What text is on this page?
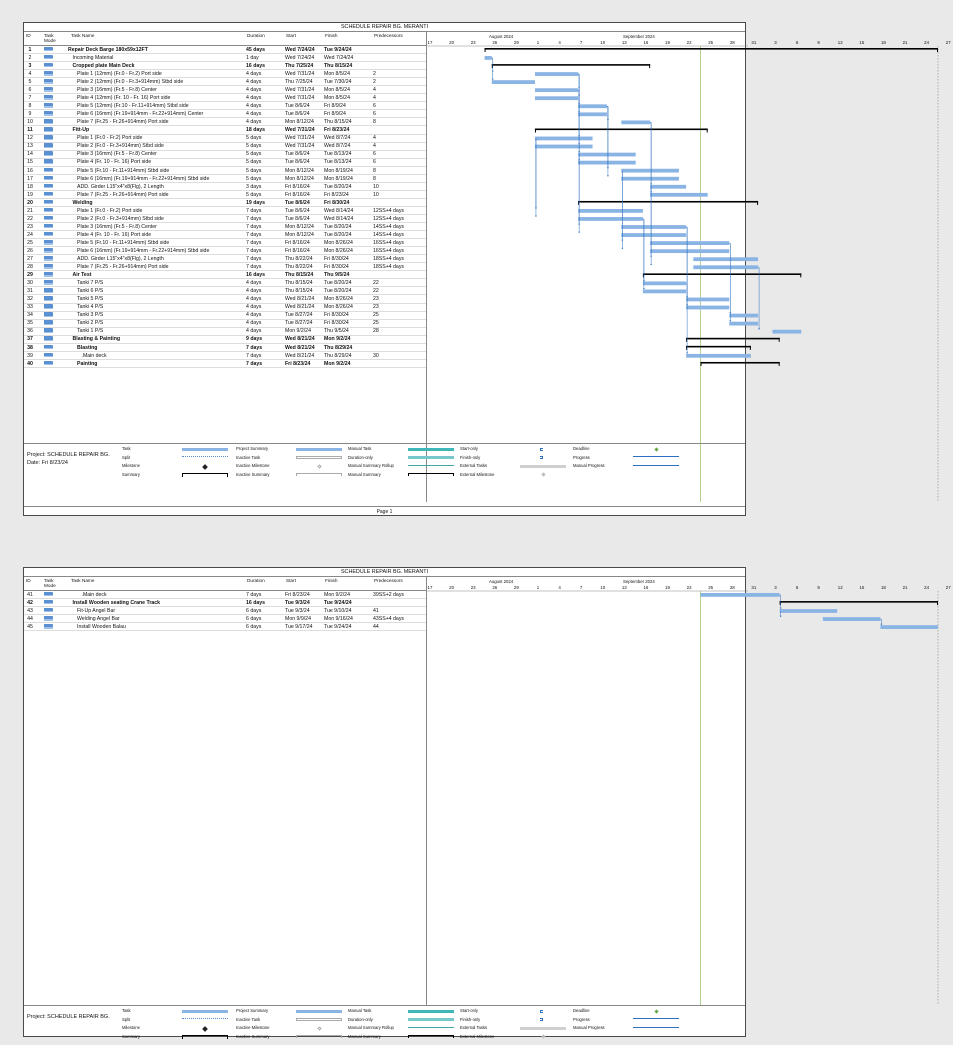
SCHEDULE REPAIR BG. MERANTI
ID	Task Mode
Task Name	Duration	Start	Finish	Predecessors
1	Repair Deck Barge 180x59x12FT	45 days	Wed 7/24/24	Tue 9/24/24
2	Incoming Material	1 day	Wed 7/24/24	Wed 7/24/24
3	Cropped plate Main Deck	16 days	Thu 7/25/24	Thu 8/15/24
4	Plate 1 (12mm) (Fr.0 - Fr.2) Port side	4 days	Wed 7/31/24	Mon 8/5/24	2
5	Plate 2 (12mm) (Fr.0 - Fr.3+914mm) Stbd side	4 days	Thu 7/25/24	Tue 7/30/24	2
6	Plate 3 (16mm) (Fr.5 - Fr.8) Center	4 days	Wed 7/31/24	Mon 8/5/24	4
7	Plate 4 (12mm) (Fr. 10 - Fr. 16) Port side	4 days	Wed 7/31/24	Mon 8/5/24	4
8	Plate 5 (12mm) (Fr.10 - Fr.11+914mm) Stbd side	4 days	Tue 8/6/24	Fri 8/9/24	6
9	Plate 6 (16mm) (Fr.19+914mm - Fr.22+914mm) Center	4 days	Tue 8/6/24	Fri 8/9/24	6
10	Plate 7 (Fr.25 - Fr.26+914mm) Port side	4 days	Mon 8/12/24	Thu 8/15/24	8
11	Fitt-Up	18 days	Wed 7/31/24	Fri 8/23/24
12	Plate 1 (Fr.0 - Fr.2) Port side	5 days	Wed 7/31/24	Wed 8/7/24	4
13	Plate 2 (Fr.0 - Fr.3+914mm) Stbd side	5 days	Wed 7/31/24	Wed 8/7/24	4
14	Plate 3 (16mm) (Fr.5 - Fr.8) Center	5 days	Tue 8/6/24	Tue 8/13/24	6
15	Plate 4 (Fr. 10 - Fr. 16) Port side	5 days	Tue 8/6/24	Tue 8/13/24	6
16	Plate 5 (Fr.10 - Fr.11+914mm) Stbd side	5 days	Mon 8/12/24	Mon 8/19/24	8
17	Plate 6 (16mm) (Fr.19+914mm - Fr.22+914mm) Stbd side	5 days	Mon 8/12/24	Mon 8/19/24	8
18	ADD. Girder L15"x4"x8(Flg), 2 Length	3 days	Fri 8/16/24	Tue 8/20/24	10
19	Plate 7 (Fr.25 - Fr.26+914mm) Port side	5 days	Fri 8/16/24	Fri 8/23/24	10
20	Welding	19 days	Tue 8/6/24	Fri 8/30/24
21	Plate 1 (Fr.0 - Fr.2) Port side	7 days	Tue 8/6/24	Wed 8/14/24	12SS+4 days
22	Plate 2 (Fr.0 - Fr.3+914mm) Stbd side	7 days	Tue 8/6/24	Wed 8/14/24	12SS+4 days
23	Plate 3 (16mm) (Fr.5 - Fr.8) Center	7 days	Mon 8/12/24	Tue 8/20/24	14SS+4 days
24	Plate 4 (Fr. 10 - Fr. 16) Port side	7 days	Mon 8/12/24	Tue 8/20/24	14SS+4 days
25	Plate 5 (Fr.10 - Fr.11+914mm) Stbd side	7 days	Fri 8/16/24	Mon 8/26/24	16SS+4 days
26	Plate 6 (16mm) (Fr.19+914mm - Fr.22+914mm) Stbd side	7 days	Fri 8/16/24	Mon 8/26/24	16SS+4 days
27	ADD. Girder L15"x4"x8(Flg), 2 Length	7 days	Thu 8/22/24	Fri 8/30/24	18SS+4 days
28	Plate 7 (Fr.25 - Fr.26+914mm) Port side	7 days	Thu 8/22/24	Fri 8/30/24	18SS+4 days
29	Air Test	16 days	Thu 8/15/24	Thu 9/5/24
30	Tanki 7 P/S	4 days	Thu 8/15/24	Tue 8/20/24	22
31	Tanki 6 P/S	4 days	Thu 8/15/24	Tue 8/20/24	22
32	Tanki 5 P/S	4 days	Wed 8/21/24	Mon 8/26/24	23
33	Tanki 4 P/S	4 days	Wed 8/21/24	Mon 8/26/24	23
34	Tanki 3 P/S	4 days	Tue 8/27/24	Fri 8/30/24	25
35	Tanki 2 P/S	4 days	Tue 8/27/24	Fri 8/30/24	25
36	Tanki 1 P/S	4 days	Mon 9/2/24	Thu 9/5/24	28
37	Blasting & Painting	9 days	Wed 8/21/24	Mon 9/2/24
38	Blasting	7 days	Wed 8/21/24	Thu 8/29/24
39	.Main deck	7 days	Wed 8/21/24	Thu 8/29/24	30
40	Painting	7 days	Fri 8/23/24	Mon 9/2/24
August 2024	September 2024
17	20	23	26	29	1	4	7	10	13	16	19	22	25	28	31	3	6	9	12	15	18	21	24	27
Project: SCHEDULE REPAIR BG.
Date: Fri 8/23/24
Task
Split
Milestone
Summary
Project Summary
Inactive Task
Inactive Milestone
Inactive Summary
Manual Task
Duration-only
Manual Summary Rollup
Manual Summary
Start-only
Finish-only
External Tasks
External Milestone
Deadline
Progress
Manual Progress
Page 1
SCHEDULE REPAIR BG. MERANTI
ID	Task Mode
Task Name	Duration	Start	Finish	Predecessors
41	.Main deck	7 days	Fri 8/23/24	Mon 9/2/24	39SS+2 days
42	Install Wooden seating Crane Track	16 days	Tue 9/3/24	Tue 9/24/24
43	Fit-Up Angel Bar	6 days	Tue 9/3/24	Tue 9/10/24	41
44	Welding Angel Bar	6 days	Mon 9/9/24	Mon 9/16/24	43SS+4 days
45	Install Wooden Balau	6 days	Tue 9/17/24	Tue 9/24/24	44
August 2024	September 2024
17	20	23	26	29	1	4	7	10	13	16	19	22	25	28	31	3	6	9	12	15	18	21	24	27
Project: SCHEDULE REPAIR BG.
Task
Split
Milestone
Summary
Project Summary
Inactive Task
Inactive Milestone
Inactive Summary
Manual Task
Duration-only
Manual Summary Rollup
Manual Summary
Start-only
Finish-only
External Tasks
External Milestone
Deadline
Progress
Manual Progress
